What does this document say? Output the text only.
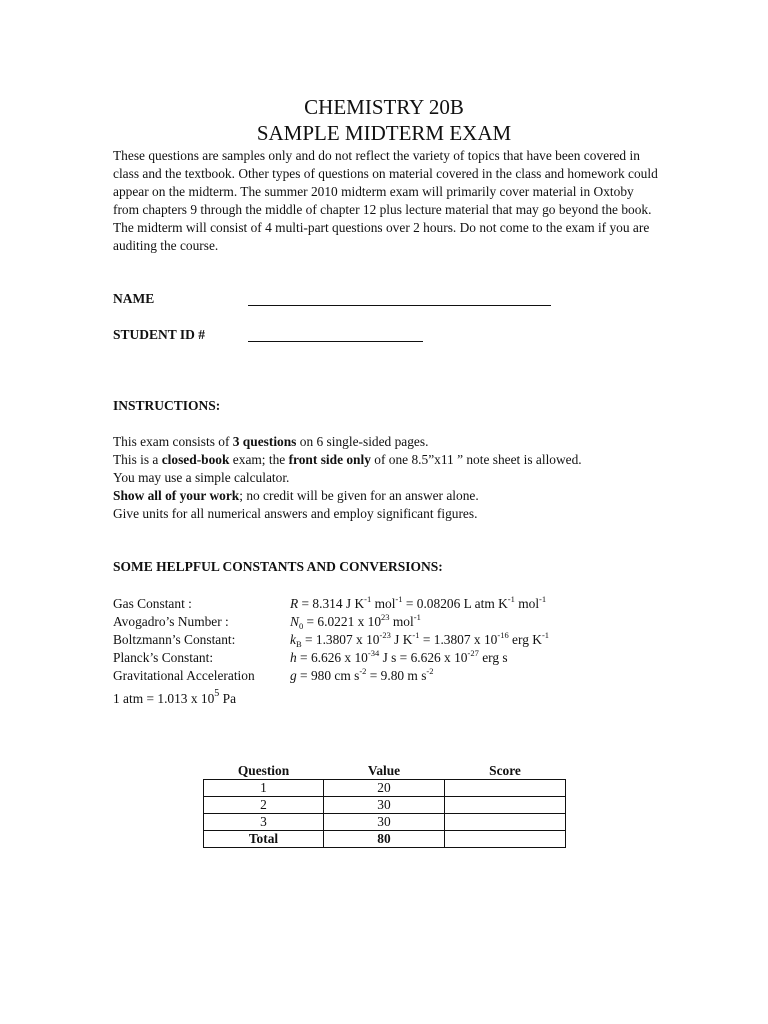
CHEMISTRY 20B
SAMPLE MIDTERM EXAM
These questions are samples only and do not reflect the variety of topics that have been covered in class and the textbook. Other types of questions on material covered in the class and homework could appear on the midterm. The summer 2010 midterm exam will primarily cover material in Oxtoby from chapters 9 through the middle of chapter 12 plus lecture material that may go beyond the book. The midterm will consist of 4 multi-part questions over 2 hours. Do not come to the exam if you are auditing the course.
NAME
STUDENT ID #
INSTRUCTIONS:
This exam consists of 3 questions on 6 single-sided pages.
This is a closed-book exam; the front side only of one 8.5”x11 ” note sheet is allowed.
You may use a simple calculator.
Show all of your work; no credit will be given for an answer alone.
Give units for all numerical answers and employ significant figures.
SOME HELPFUL CONSTANTS AND CONVERSIONS:
Gas Constant :	R = 8.314 J $K^{-1}$ mol$^{-1}$ = 0.08206 L atm $K^{-1}$ mol$^{-1}$
Avogadro’s Number :	$N_0 = 6.0221$ x $10^{23}$ mol$^{-1}$
Boltzmann’s Constant:	$k_B = 1.3807$ x $10^{-23}$ J $K^{-1} = 1.3807$ x $10^{-16}$ erg $K^{-1}$
Planck’s Constant:	h = 6.626 x $10^{-34}$ J s = 6.626 x $10^{-27}$ erg s
Gravitational Acceleration	g = 980 cm $s^{-2} = 9.80$ m $s^{-2}$
1 atm = 1.013 x $10^5$ Pa
Question	Value	Score
1	20	
2	30	
3	30	
Total	80	
